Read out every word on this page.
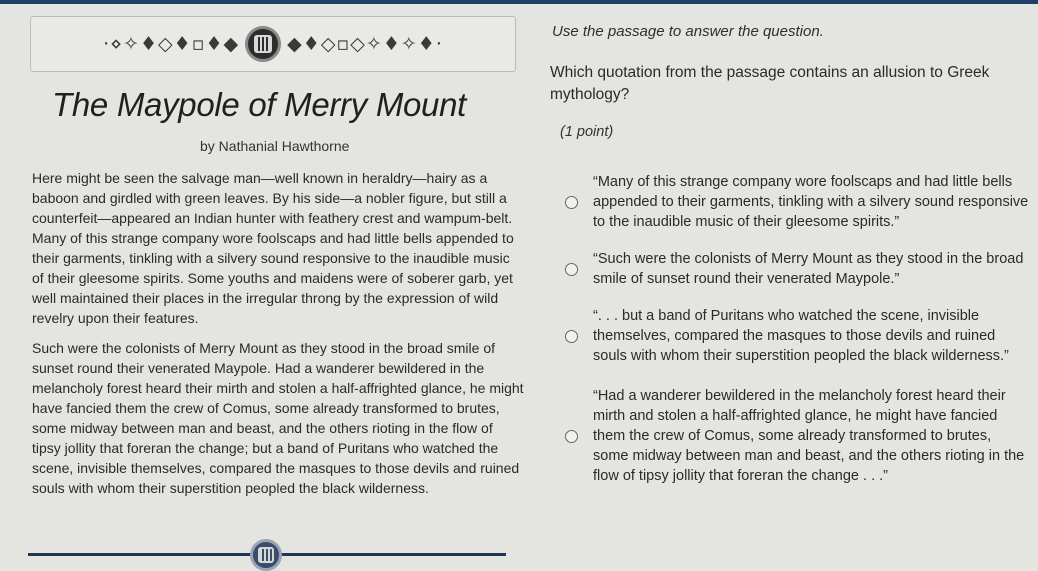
·⋄✧♦◇♦▫♦◆	◆♦◇▫◇✧♦✧♦·
The Maypole of Merry Mount
by Nathanial Hawthorne

Here might be seen the salvage man—well known in heraldry—hairy as a baboon and girdled with green leaves. By his side—a nobler figure, but still a counterfeit—appeared an Indian hunter with feathery crest and wampum-belt. Many of this strange company wore foolscaps and had little bells appended to their garments, tinkling with a silvery sound responsive to the inaudible music of their gleesome spirits. Some youths and maidens were of soberer garb, yet well maintained their places in the irregular throng by the expression of wild revelry upon their features.

Such were the colonists of Merry Mount as they stood in the broad smile of sunset round their venerated Maypole. Had a wanderer bewildered in the melancholy forest heard their mirth and stolen a half-affrighted glance, he might have fancied them the crew of Comus, some already transformed to brutes, some midway between man and beast, and the others rioting in the flow of tipsy jollity that foreran the change; but a band of Puritans who watched the scene, invisible themselves, compared the masques to those devils and ruined souls with whom their superstition peopled the black wilderness.

Use the passage to answer the question.
Which quotation from the passage contains an allusion to Greek mythology?
(1 point)
“Many of this strange company wore foolscaps and had little bells appended to their garments, tinkling with a silvery sound responsive to the inaudible music of their gleesome spirits.”
“Such were the colonists of Merry Mount as they stood in the broad smile of sunset round their venerated Maypole.”
“. . . but a band of Puritans who watched the scene, invisible themselves, compared the masques to those devils and ruined souls with whom their superstition peopled the black wilderness.”
“Had a wanderer bewildered in the melancholy forest heard their mirth and stolen a half-affrighted glance, he might have fancied them the crew of Comus, some already transformed to brutes, some midway between man and beast, and the others rioting in the flow of tipsy jollity that foreran the change . . .”
